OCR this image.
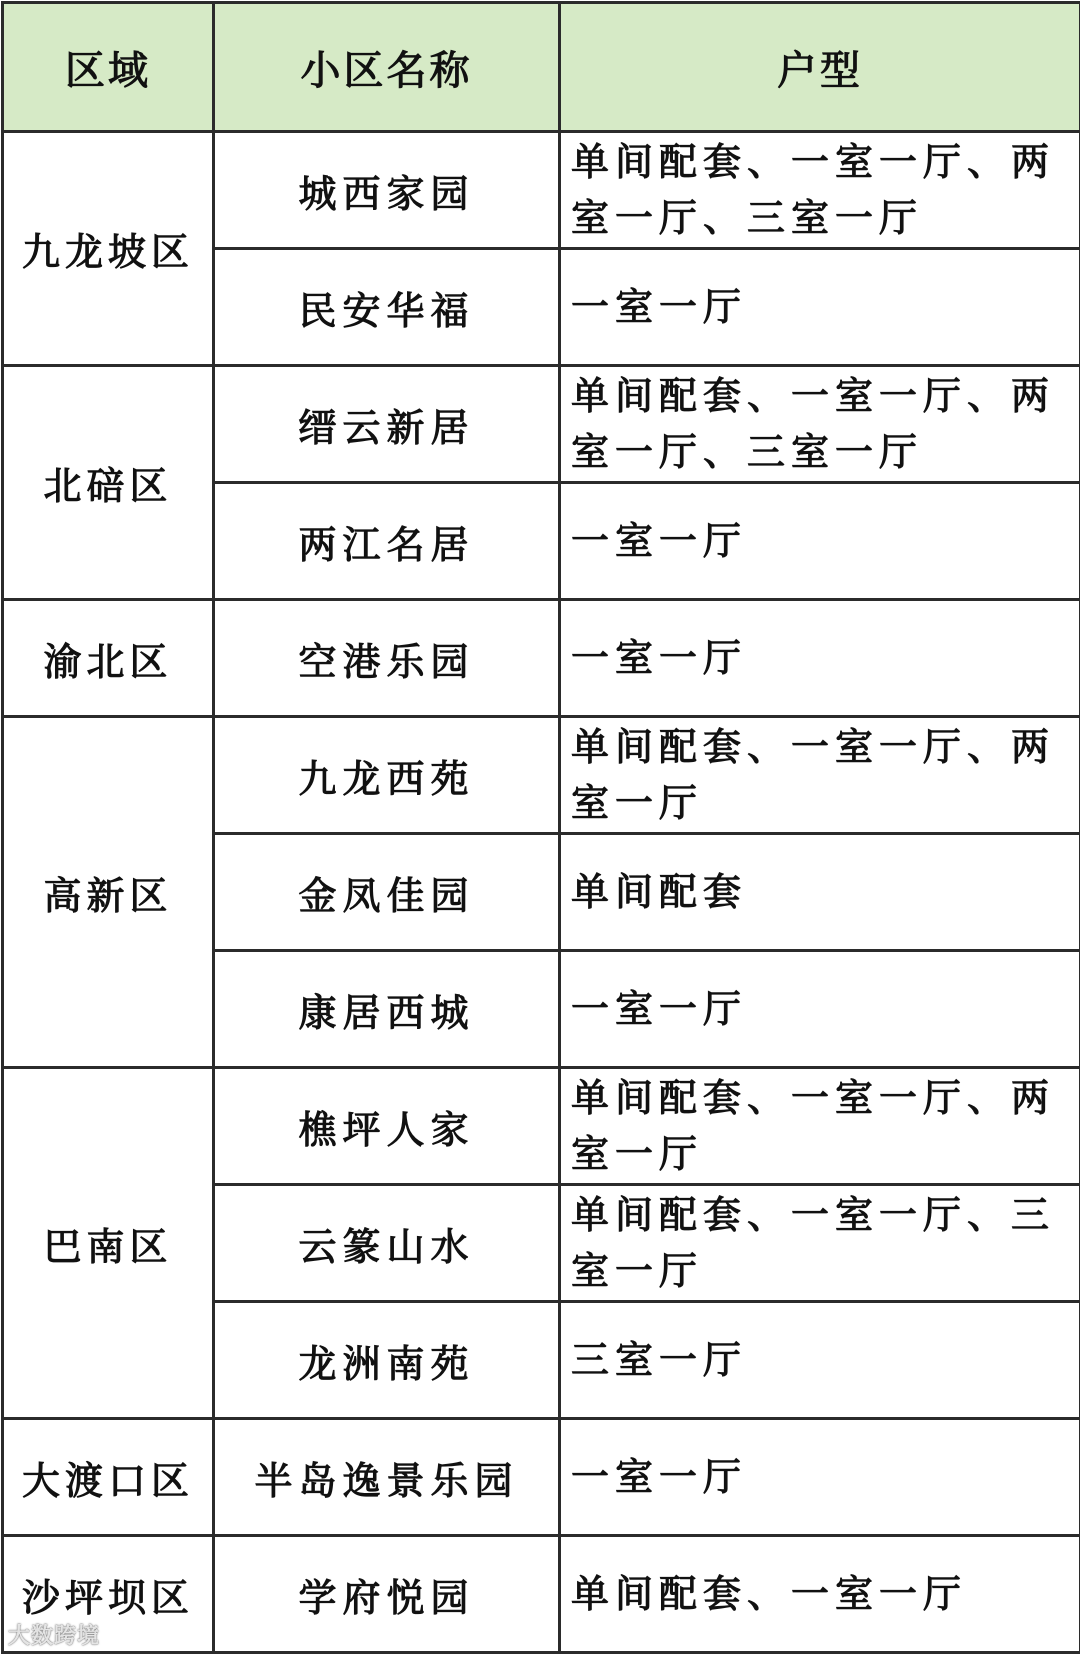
区域	小区名称	户型
九龙坡区	城西家园	单间配套、一室一厅、两室一厅、三室一厅
	民安华福	一室一厅
北碚区	缙云新居	单间配套、一室一厅、两室一厅、三室一厅
	两江名居	一室一厅
渝北区	空港乐园	一室一厅
高新区	九龙西苑	单间配套、一室一厅、两室一厅
	金凤佳园	单间配套
	康居西城	一室一厅
巴南区	樵坪人家	单间配套、一室一厅、两室一厅
	云篆山水	单间配套、一室一厅、三室一厅
	龙洲南苑	三室一厅
大渡口区	半岛逸景乐园	一室一厅
沙坪坝区	学府悦园	单间配套、一室一厅
大数跨境
